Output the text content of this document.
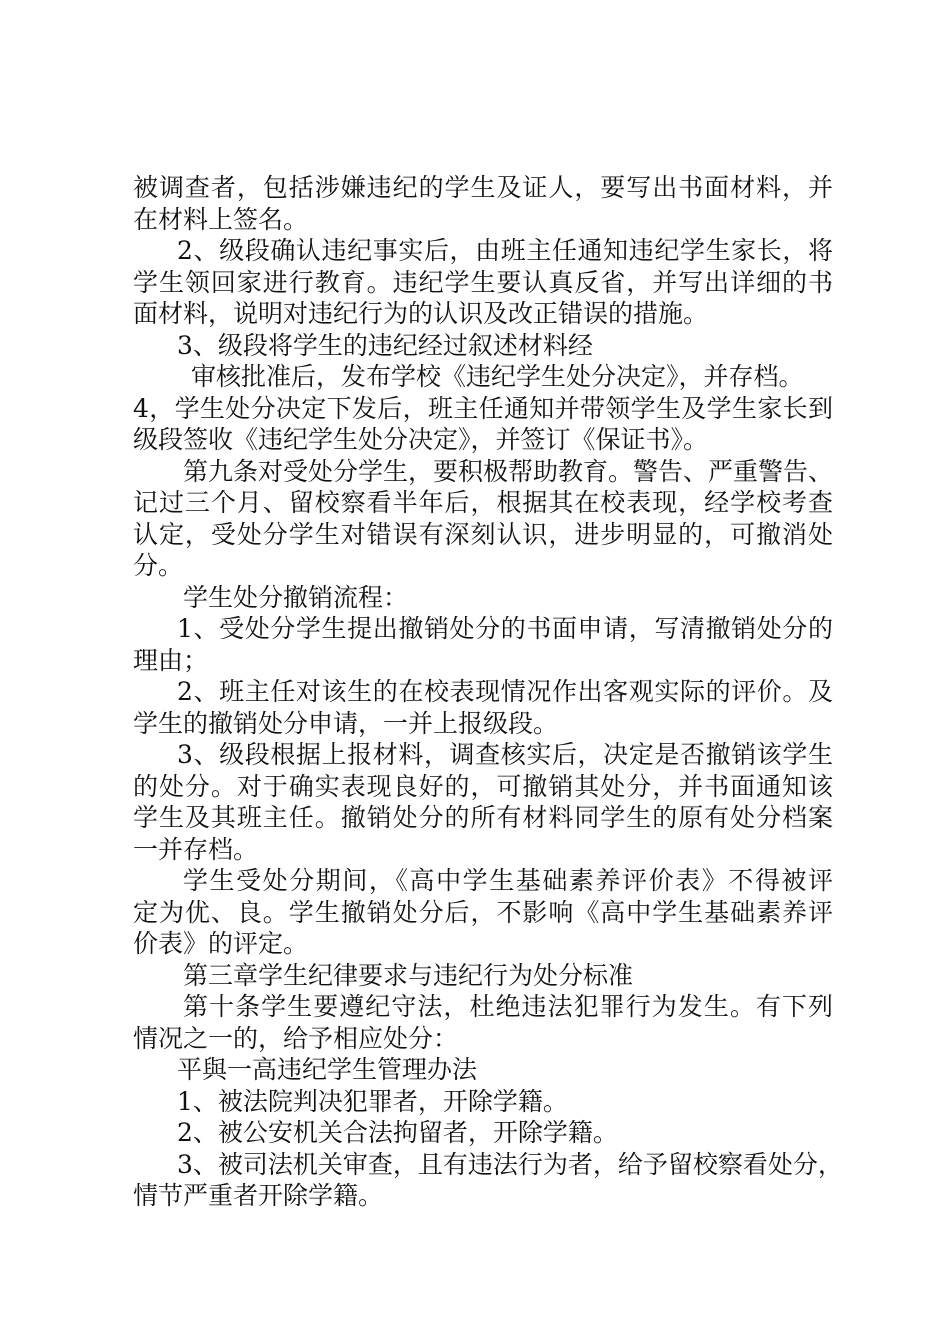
被调查者，包括涉嫌违纪的学生及证人，要写出书面材料，并
在材料上签名。
2、级段确认违纪事实后，由班主任通知违纪学生家长，将
学生领回家进行教育。违纪学生要认真反省，并写出详细的书
面材料，说明对违纪行为的认识及改正错误的措施。
3、级段将学生的违纪经过叙述材料经
审核批准后，发布学校《违纪学生处分决定》，并存档。
4，学生处分决定下发后，班主任通知并带领学生及学生家长到
级段签收《违纪学生处分决定》，并签订《保证书》。
第九条对受处分学生，要积极帮助教育。警告、严重警告、
记过三个月、留校察看半年后，根据其在校表现，经学校考查
认定，受处分学生对错误有深刻认识，进步明显的，可撤消处
分。
学生处分撤销流程：
1、受处分学生提出撤销处分的书面申请，写清撤销处分的
理由；
2、班主任对该生的在校表现情况作出客观实际的评价。及
学生的撤销处分申请，一并上报级段。
3、级段根据上报材料，调查核实后，决定是否撤销该学生
的处分。对于确实表现良好的，可撤销其处分，并书面通知该
学生及其班主任。撤销处分的所有材料同学生的原有处分档案
一并存档。
学生受处分期间，《高中学生基础素养评价表》不得被评
定为优、良。学生撤销处分后，不影响《高中学生基础素养评
价表》的评定。
第三章学生纪律要求与违纪行为处分标准
第十条学生要遵纪守法，杜绝违法犯罪行为发生。有下列
情况之一的，给予相应处分：
平與一高违纪学生管理办法
1、被法院判决犯罪者，开除学籍。
2、被公安机关合法拘留者，开除学籍。
3、被司法机关审查，且有违法行为者，给予留校察看处分，
情节严重者开除学籍。
